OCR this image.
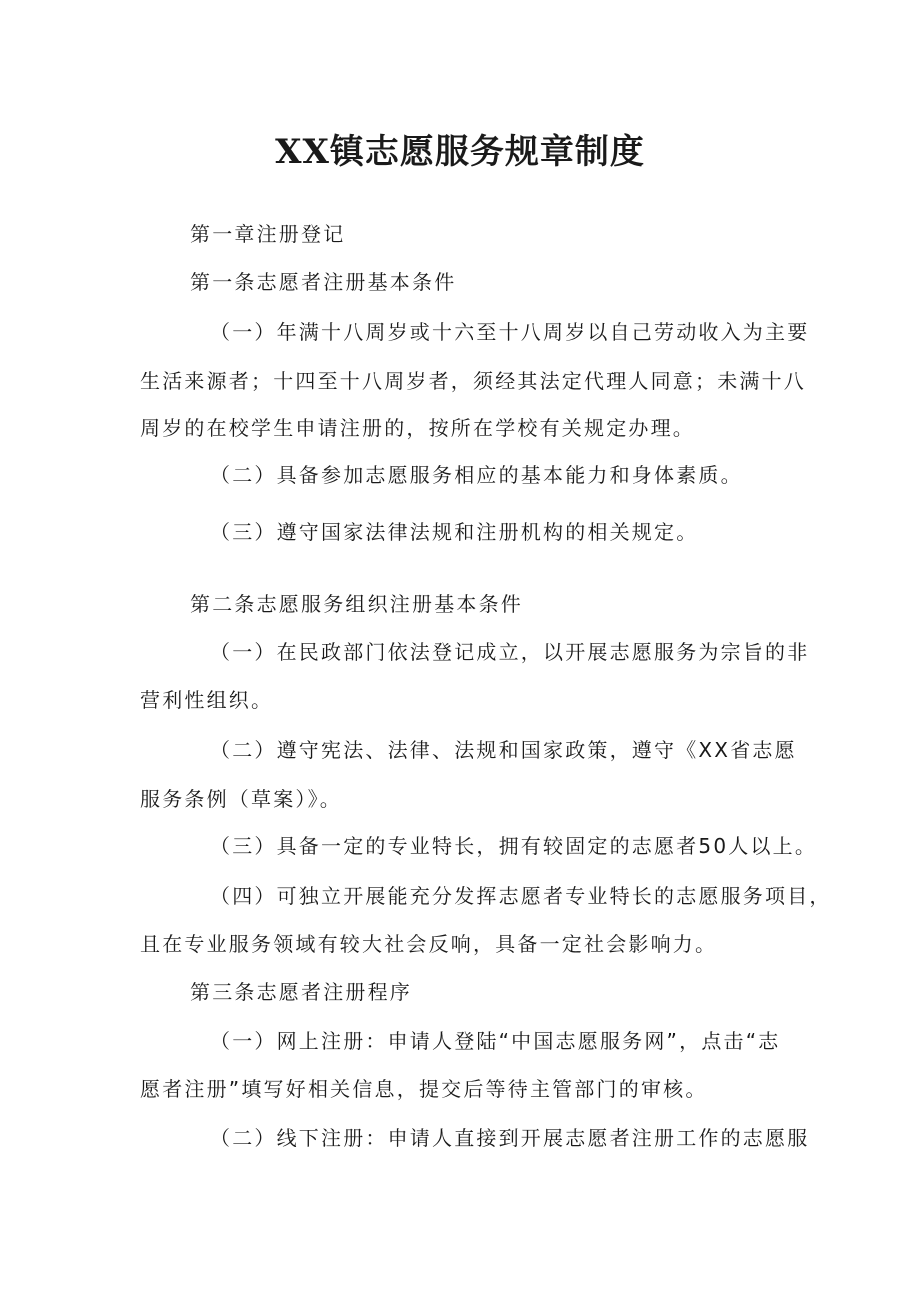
XX镇志愿服务规章制度

第一章注册登记

第一条志愿者注册基本条件

（一）年满十八周岁或十六至十八周岁以自己劳动收入为主要

生活来源者；十四至十八周岁者，须经其法定代理人同意；未满十八

周岁的在校学生申请注册的，按所在学校有关规定办理。

（二）具备参加志愿服务相应的基本能力和身体素质。

（三）遵守国家法律法规和注册机构的相关规定。

第二条志愿服务组织注册基本条件

（一）在民政部门依法登记成立，以开展志愿服务为宗旨的非

营利性组织。

（二）遵守宪法、法律、法规和国家政策，遵守《XX省志愿

服务条例（草案）》。

（三）具备一定的专业特长，拥有较固定的志愿者50人以上。

（四）可独立开展能充分发挥志愿者专业特长的志愿服务项目，

且在专业服务领域有较大社会反响，具备一定社会影响力。

第三条志愿者注册程序

（一）网上注册：申请人登陆“中国志愿服务网”，点击“志

愿者注册”填写好相关信息，提交后等待主管部门的审核。

（二）线下注册：申请人直接到开展志愿者注册工作的志愿服
